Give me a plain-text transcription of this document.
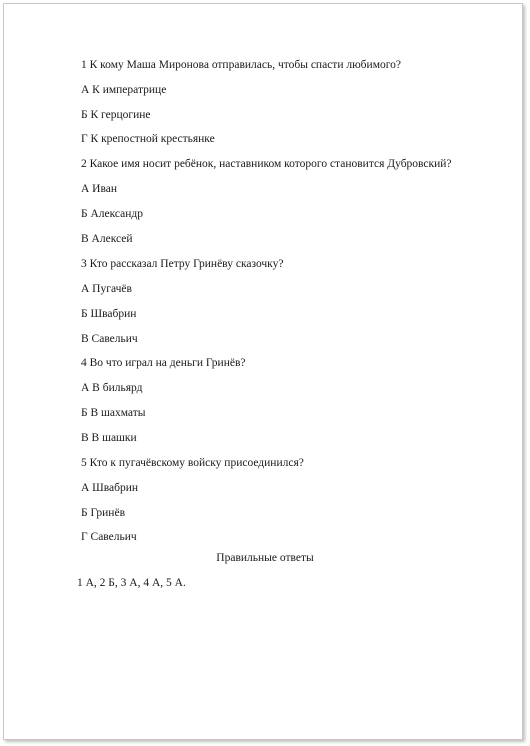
1 К кому Маша Миронова отправилась, чтобы спасти любимого?
А К императрице
Б К герцогине
Г К крепостной крестьянке
2 Какое имя носит ребёнок, наставником которого становится Дубровский?
А Иван
Б Александр
В Алексей
3 Кто рассказал Петру Гринёву сказочку?
А Пугачёв
Б Швабрин
В Савельич
4 Во что играл на деньги Гринёв?
А В бильярд
Б В шахматы
В В шашки
5 Кто к пугачёвскому войску присоединился?
А Швабрин
Б Гринёв
Г Савельич
Правильные ответы
1 А, 2 Б, 3 А, 4 А, 5 А.
